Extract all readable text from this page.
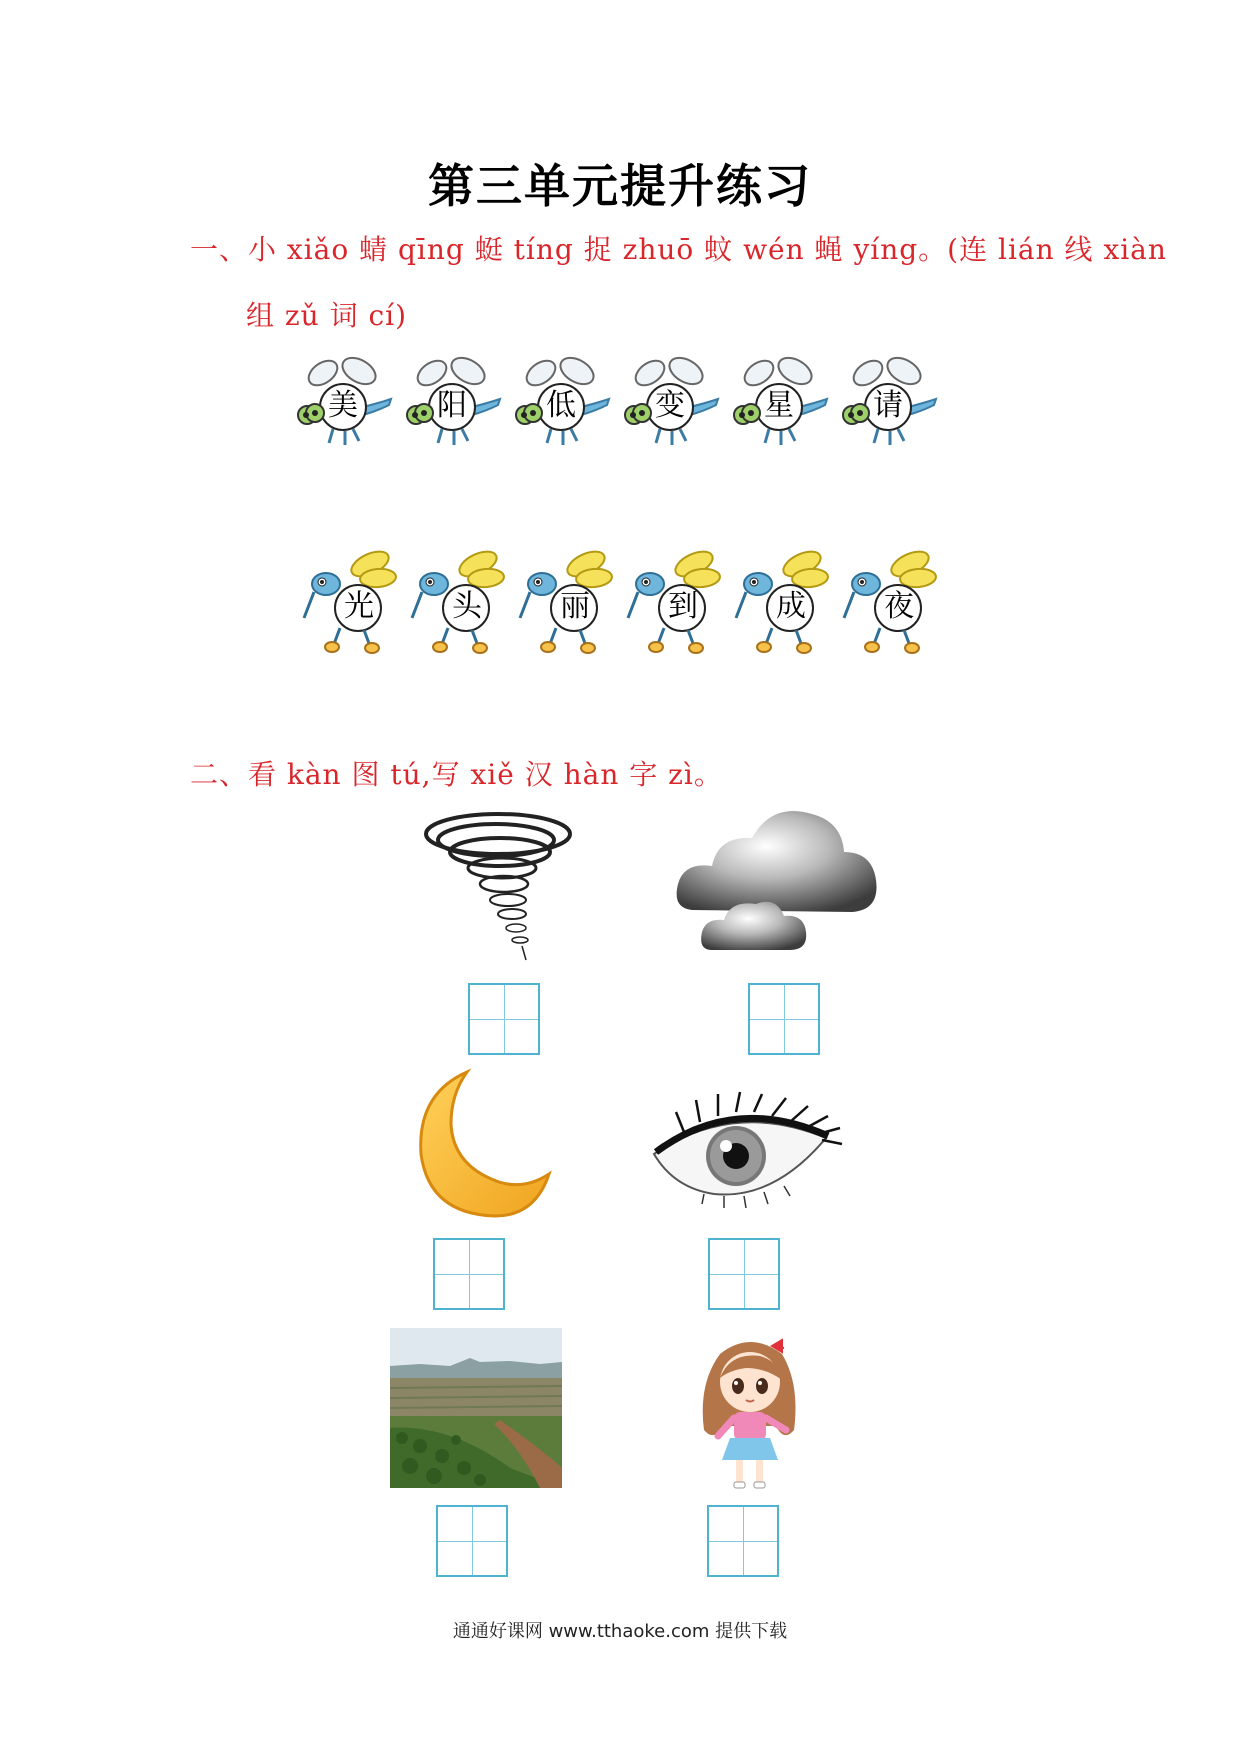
第三单元提升练习
一、小 xiǎo 蜻 qīng 蜓 tíng 捉 zhuō 蚊 wén 蝇 yíng。(连 lián 线 xiàn
组 zǔ 词 cí)
美	阳	低	变	星	请
光	头	丽	到	成	夜
二、看 kàn 图 tú,写 xiě 汉 hàn 字 zì。
通通好课网 www.tthaoke.com 提供下载
